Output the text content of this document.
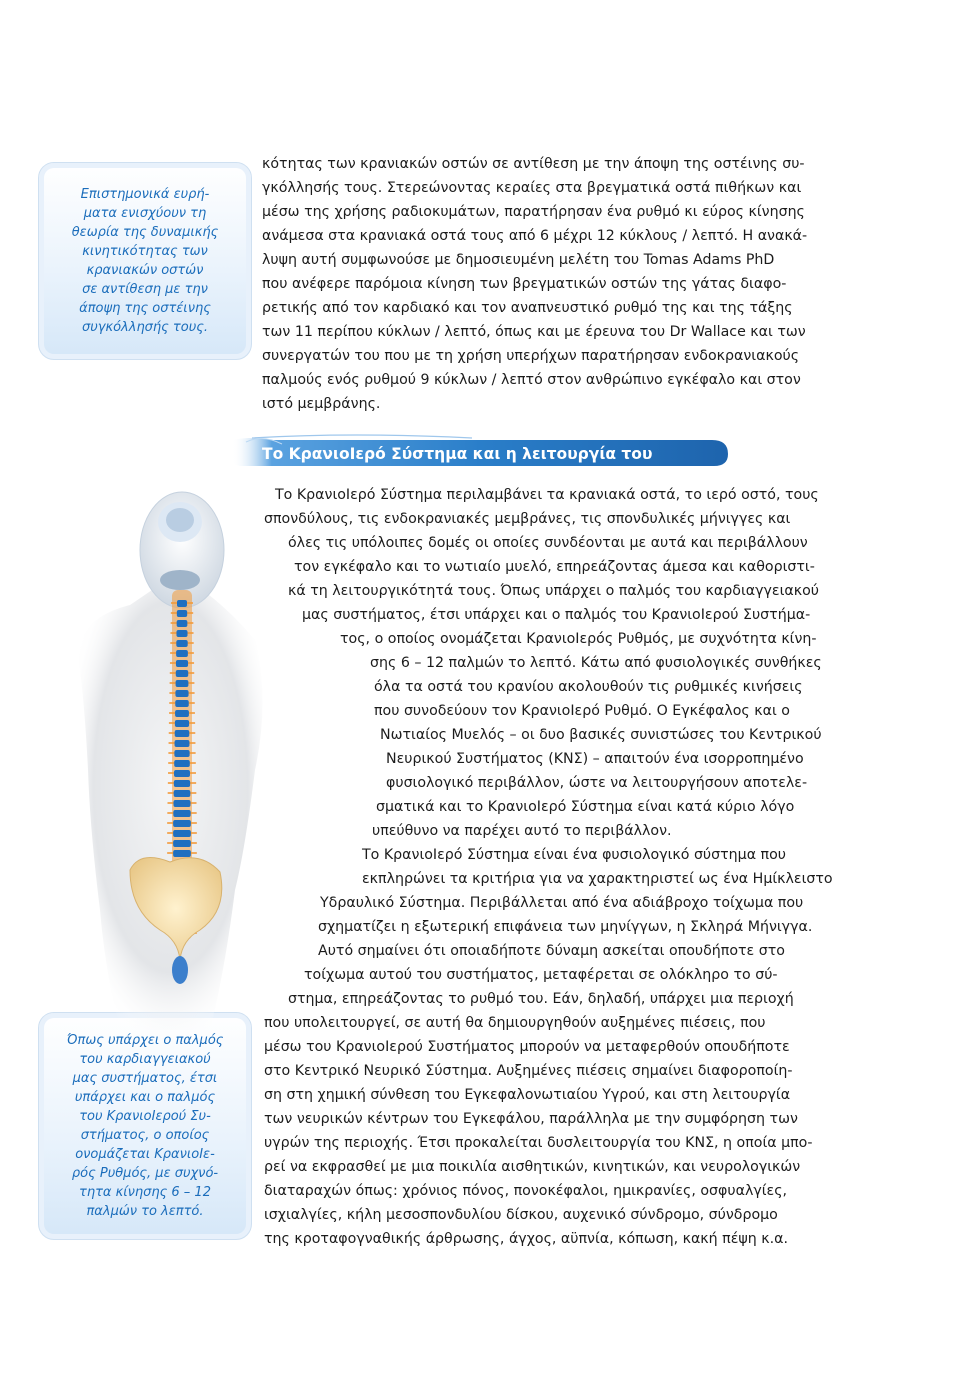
Επιστημονικά ευρή-
ματα ενισχύουν τη
θεωρία της δυναμικής
κινητικότητας των
κρανιακών οστών
σε αντίθεση με την
άποψη της οστέινης
συγκόλλησής τους.

Όπως υπάρχει ο παλμός
του καρδιαγγειακού
μας συστήματος, έτσι
υπάρχει και ο παλμός
του ΚρανιοΙερού Συ-
στήματος, ο οποίος
ονομάζεται ΚρανιοΙε-
ρός Ρυθμός, με συχνό-
τητα κίνησης 6 – 12
παλμών το λεπτό.

κότητας των κρανιακών οστών σε αντίθεση με την άποψη της οστέινης συ-
γκόλλησής τους. Στερεώνοντας κεραίες στα βρεγματικά οστά πιθήκων και
μέσω της χρήσης ραδιοκυμάτων, παρατήρησαν ένα ρυθμό κι εύρος κίνησης
ανάμεσα στα κρανιακά οστά τους από 6 μέχρι 12 κύκλους / λεπτό. Η ανακά-
λυψη αυτή συμφωνούσε με δημοσιευμένη μελέτη του Tomas Adams PhD
που ανέφερε παρόμοια κίνηση των βρεγματικών οστών της γάτας διαφο-
ρετικής από τον καρδιακό και τον αναπνευστικό ρυθμό της και της τάξης
των 11 περίπου κύκλων / λεπτό, όπως και με έρευνα του Dr Wallace και των
συνεργατών του που με τη χρήση υπερήχων παρατήρησαν ενδοκρανιακούς
παλμούς ενός ρυθμού 9 κύκλων / λεπτό στον ανθρώπινο εγκέφαλο και στον
ιστό μεμβράνης.
Το ΚρανιοΙερό Σύστημα και η λειτουργία του
Το ΚρανιοΙερό Σύστημα περιλαμβάνει τα κρανιακά οστά, το ιερό οστό, τους
σπονδύλους, τις ενδοκρανιακές μεμβράνες, τις σπονδυλικές μήνιγγες και
όλες τις υπόλοιπες δομές οι οποίες συνδέονται με αυτά και περιβάλλουν
τον εγκέφαλο και το νωτιαίο μυελό, επηρεάζοντας άμεσα και καθοριστι-
κά τη λειτουργικότητά τους. Όπως υπάρχει ο παλμός του καρδιαγγειακού
μας συστήματος, έτσι υπάρχει και ο παλμός του ΚρανιοΙερού Συστήμα-
τος, ο οποίος ονομάζεται ΚρανιοΙερός Ρυθμός, με συχνότητα κίνη-
σης 6 – 12 παλμών το λεπτό. Κάτω από φυσιολογικές συνθήκες
όλα τα οστά του κρανίου ακολουθούν τις ρυθμικές κινήσεις
που συνοδεύουν τον ΚρανιοΙερό Ρυθμό. Ο Εγκέφαλος και ο
Νωτιαίος Μυελός – οι δυο βασικές συνιστώσες του Κεντρικού
Νευρικού Συστήματος (ΚΝΣ) – απαιτούν ένα ισορροπημένο
φυσιολογικό περιβάλλον, ώστε να λειτουργήσουν αποτελε-
σματικά και το ΚρανιοΙερό Σύστημα είναι κατά κύριο λόγο
υπεύθυνο να παρέχει αυτό το περιβάλλον.
Το ΚρανιοΙερό Σύστημα είναι ένα φυσιολογικό σύστημα που
εκπληρώνει τα κριτήρια για να χαρακτηριστεί ως ένα Ημίκλειστο
Υδραυλικό Σύστημα. Περιβάλλεται από ένα αδιάβροχο τοίχωμα που
σχηματίζει η εξωτερική επιφάνεια των μηνίγγων, η Σκληρά Μήνιγγα.
Αυτό σημαίνει ότι οποιαδήποτε δύναμη ασκείται οπουδήποτε στο
τοίχωμα αυτού του συστήματος, μεταφέρεται σε ολόκληρο το σύ-
στημα, επηρεάζοντας το ρυθμό του. Εάν, δηλαδή, υπάρχει μια περιοχή
που υπολειτουργεί, σε αυτή θα δημιουργηθούν αυξημένες πιέσεις, που
μέσω του ΚρανιοΙερού Συστήματος μπορούν να μεταφερθούν οπουδήποτε
στο Κεντρικό Νευρικό Σύστημα. Αυξημένες πιέσεις σημαίνει διαφοροποίη-
ση στη χημική σύνθεση του Εγκεφαλονωτιαίου Υγρού, και στη λειτουργία
των νευρικών κέντρων του Εγκεφάλου, παράλληλα με την συμφόρηση των
υγρών της περιοχής. Έτσι προκαλείται δυσλειτουργία του ΚΝΣ, η οποία μπο-
ρεί να εκφρασθεί με μια ποικιλία αισθητικών, κινητικών, και νευρολογικών
διαταραχών όπως: χρόνιος πόνος, πονοκέφαλοι, ημικρανίες, οσφυαλγίες,
ισχιαλγίες, κήλη μεσοσπονδυλίου δίσκου, αυχενικό σύνδρομο, σύνδρομο
της κροταφογναθικής άρθρωσης, άγχος, αϋπνία, κόπωση, κακή πέψη κ.α.
